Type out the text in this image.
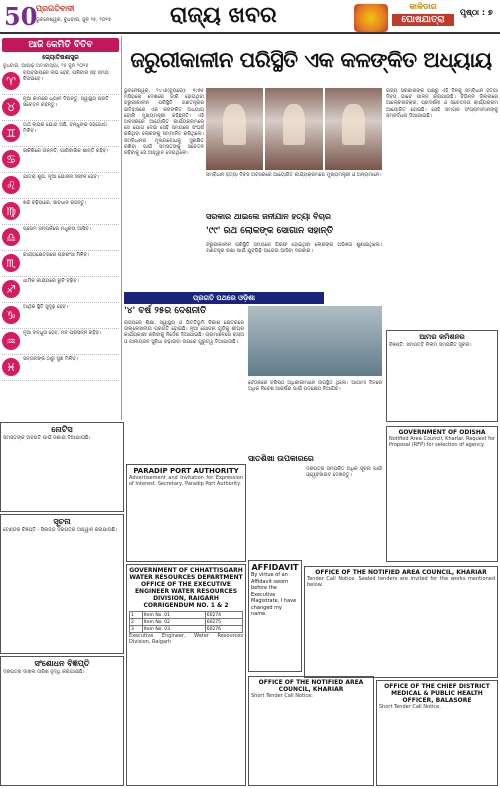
50
ପ୍ରଗତିବାଦୀ
ଭୁବନେଶ୍ୱର, ବୁଧବାର, ଜୁନ ୨୫, ୨୦୨୫	ରାଜ୍ୟ ଖବର	କାକିଡାର
ଘୋଷଯାତ୍ରା
ପୃଷ୍ଠା : ୭
ଆଜି କେମିତି ବିତିବ
ଜ୍ୟୋତିଷଶାସ୍ତ୍ର
ବୁଧବାର, ଆଷାଢ଼ ଅମାବାସ୍ୟା, ୨୫ ଜୁନ ୨୦୨୫
♈
ବ୍ୟବସାୟରେ ଲାଭ ହେବ, ପରିବାର ସହ ସମୟ ବିତାଇବେ।
♉
ନୂଆ କାମରେ ଧ୍ୟାନ ଦିଅନ୍ତୁ, ସ୍ୱାସ୍ଥ୍ୟ ପ୍ରତି ସଚେତନ ରହନ୍ତୁ।
♊
ଅର୍ଥ ଲାଭର ଯୋଗ ଅଛି, ବନ୍ଧୁଙ୍କ ସହଯୋଗ ମିଳିବ।
♋
ଚାକିରିରେ ଉନ୍ନତି, ପାରିବାରିକ ଶାନ୍ତି ରହିବ।
♌
ଯାତ୍ରା ଶୁଭ, ନୂଆ ଯୋଜନା ସଫଳ ହେବ।
♍
ଖର୍ଚ୍ଚ ବଢ଼ିପାରେ, ସାବଧାନ ରହନ୍ତୁ।
♎
ପ୍ରେମ ସମ୍ପର୍କରେ ମଧୁରତା ଆସିବ।
♏
କାର୍ଯ୍ୟକ୍ଷେତ୍ରରେ ପ୍ରଶଂସା ମିଳିବ।
♐
ଧାର୍ମିକ କାର୍ଯ୍ୟରେ ରୁଚି ବଢ଼ିବ।
♑
ଆର୍ଥିକ ସ୍ଥିତି ସୁଦୃଢ଼ ହେବ।
♒
ନୂଆ ବନ୍ଧୁତା ହେବ, ମନ ପ୍ରସନ୍ନ ରହିବ।
♓
ସନ୍ତାନଙ୍କ ଠାରୁ ସୁଖ ମିଳିବ।
ଜରୁରୀକାଳୀନ ପରିସ୍ଥିତି ଏକ କଳଙ୍କିତ ଅଧ୍ୟାୟ
ଭୁବନେଶ୍ୱର, ୨୪।୬(ବ୍ୟୁରୋ): ୧୯୭୫ ମସିହାରେ ଦେଶରେ ଜାରି ହୋଇଥିବା ଜରୁରୀକାଳୀନ ପରିସ୍ଥିତି ଗଣତନ୍ତ୍ରର ଇତିହାସରେ ଏକ କଳଙ୍କିତ ଅଧ୍ୟାୟ ବୋଲି ମୁଖ୍ୟମନ୍ତ୍ରୀ କହିଛନ୍ତି। ଏହି ଅବସରରେ ଆୟୋଜିତ କାର୍ଯ୍ୟକ୍ରମରେ ସେ ଯୋଗ ଦେଇ ସେହି ସମୟରେ ସଂଘର୍ଷ କରିଥିବା ଲୋକଙ୍କୁ ସମ୍ମାନିତ କରିଥିଲେ। ସମ୍ବିଧାନର ମୂଲ୍ୟବୋଧକୁ ସୁରକ୍ଷିତ ରଖିବା ପାଇଁ ସମସ୍ତଙ୍କୁ ସଚେତନ ରହିବାକୁ ସେ ଆହ୍ୱାନ ଦେଇଥିଲେ।
ସମ୍ବିଧାନ ହତ୍ୟା ଦିବସ ଅବସରରେ ଆୟୋଜିତ କାର୍ଯ୍ୟକ୍ରମରେ ମୁଖ୍ୟମନ୍ତ୍ରୀ ଓ ଅନ୍ୟମାନେ।
ସରକାର ଥାଇଲେ ଜନୀଯାନ ହତ୍ୟା ବିଚାର
'୯୯' ରଥ ଲୋକଙ୍କ ସୋଗାନ ସହାନ୍ତି
ଜରୁରୀକାଳୀନ ପରିସ୍ଥିତି ସମୟରେ ଗିରଫ ହୋଇଥିବା ଲୋକଙ୍କ ଅଭିଜ୍ଞତା ଶୁଣାଇଥିଲେ। ଗଣତନ୍ତ୍ର ରକ୍ଷା ପାଇଁ ଯୁବପିଢ଼ି ଆଗେଇ ଆସିବା ଦରକାର।
ରାଜ୍ୟ ସରକାରଙ୍କ ପକ୍ଷରୁ ଏହି ଦିନକୁ ସମ୍ବିଧାନ ହତ୍ୟା ଦିବସ ଭାବେ ପାଳନ କରାଯାଉଛି। ବିଭିନ୍ନ ଜିଲ୍ଲାରେ ଆଲୋଚନାଚକ୍ର, ପ୍ରଦର୍ଶନୀ ଓ ସଚେତନତା କାର୍ଯ୍ୟକ୍ରମ ଆୟୋଜିତ ହୋଇଛି। ସେହି ସମୟର ସଂଗ୍ରାମୀମାନଙ୍କୁ ସମ୍ବର୍ଦ୍ଧନା ଦିଆଯାଇଛି।
ପ୍ରଗତି ପଥରେ ଓଡ଼ିଶା
'୪' ବର୍ଷ ୨୫ର ଦେଶନୀତି
ରାଜ୍ୟରେ ଶିକ୍ଷା, ସ୍ୱାସ୍ଥ୍ୟ ଓ ଭିତ୍ତିଭୂମି ବିକାଶ କ୍ଷେତ୍ରରେ ଉଲ୍ଲେଖନୀୟ ପ୍ରଗତି ହୋଇଛି। ନୂଆ ଯୋଜନା ଗୁଡ଼ିକୁ ଶୀଘ୍ର କାର୍ଯ୍ୟକାରୀ କରିବାକୁ ନିର୍ଦ୍ଦେଶ ଦିଆଯାଇଛି। ଗ୍ରାମାଞ୍ଚଳରେ ରାସ୍ତା ଓ ପାନୀୟଜଳ ସୁବିଧା ବଢ଼ାଇବା ଉପରେ ଗୁରୁତ୍ୱ ଦିଆଯାଉଛି।
ବୈଠକରେ ବରିଷ୍ଠ ଅଧିକାରୀମାନେ ଉପସ୍ଥିତ ଥିଲେ। ଆଗାମୀ ଦିନରେ ଅଧିକ ନିବେଶ ଆକର୍ଷଣ ପାଇଁ ପଦକ୍ଷେପ ନିଆଯିବ।
ସାତଶିଖା ଉପକାରରେ
ଆମର କମିଶନର
ବିଜ୍ଞପ୍ତି: ସମ୍ପତ୍ତି ନିଲାମ ସମ୍ପର୍କିତ ସୂଚନା।
ନୋଟିସ
ସମସ୍ତଙ୍କ ଅବଗତି ପାଇଁ ଜଣାଇ ଦିଆଯାଉଛି।
ସୂଚନା
ଟେଣ୍ଡର ବିଜ୍ଞପ୍ତି - ସିଲବନ୍ଦ ଦରପତ୍ର ଆହ୍ୱାନ କରାଯାଉଛି।
ସଂଶୋଧନ ବିଜ୍ଞପ୍ତି
ଦରପତ୍ର ଦାଖଲ ତାରିଖ ବୃଦ୍ଧି କରାଯାଇଛି।
PARADIP PORT AUTHORITY
Advertisement and Invitation for Expression of Interest. Secretary, Paradip Port Authority.
GOVERNMENT OF CHHATTISGARH WATER RESOURCES DEPARTMENT OFFICE OF THE EXECUTIVE ENGINEER WATER RESOURCES DIVISION, RAIGARH
CORRIGENDUM NO. 1 & 2
1	Item No. 01	60274
2	Item No. 02	60275
3	Item No. 03	60276
Executive Engineer, Water Resources Division, Raigarh
AFFIDAVIT
By virtue of an Affidavit sworn before the Executive Magistrate, I have changed my name.
ଦରପତ୍ର ସମ୍ପର୍କିତ ଅଧିକ ସୂଚନା ପାଇଁ ଓ୍ୱେବସାଇଟ ଦେଖନ୍ତୁ।
GOVERNMENT OF ODISHA
Notified Area Council, Khariar. Request for Proposal (RFP) for selection of agency.
OFFICE OF THE NOTIFIED AREA COUNCIL, KHARIAR
Tender Call Notice. Sealed tenders are invited for the works mentioned below.
OFFICE OF THE NOTIFIED AREA COUNCIL, KHARIAR
Short Tender Call Notice.
OFFICE OF THE CHIEF DISTRICT MEDICAL & PUBLIC HEALTH OFFICER, BALASORE
Short Tender Call Notice.
